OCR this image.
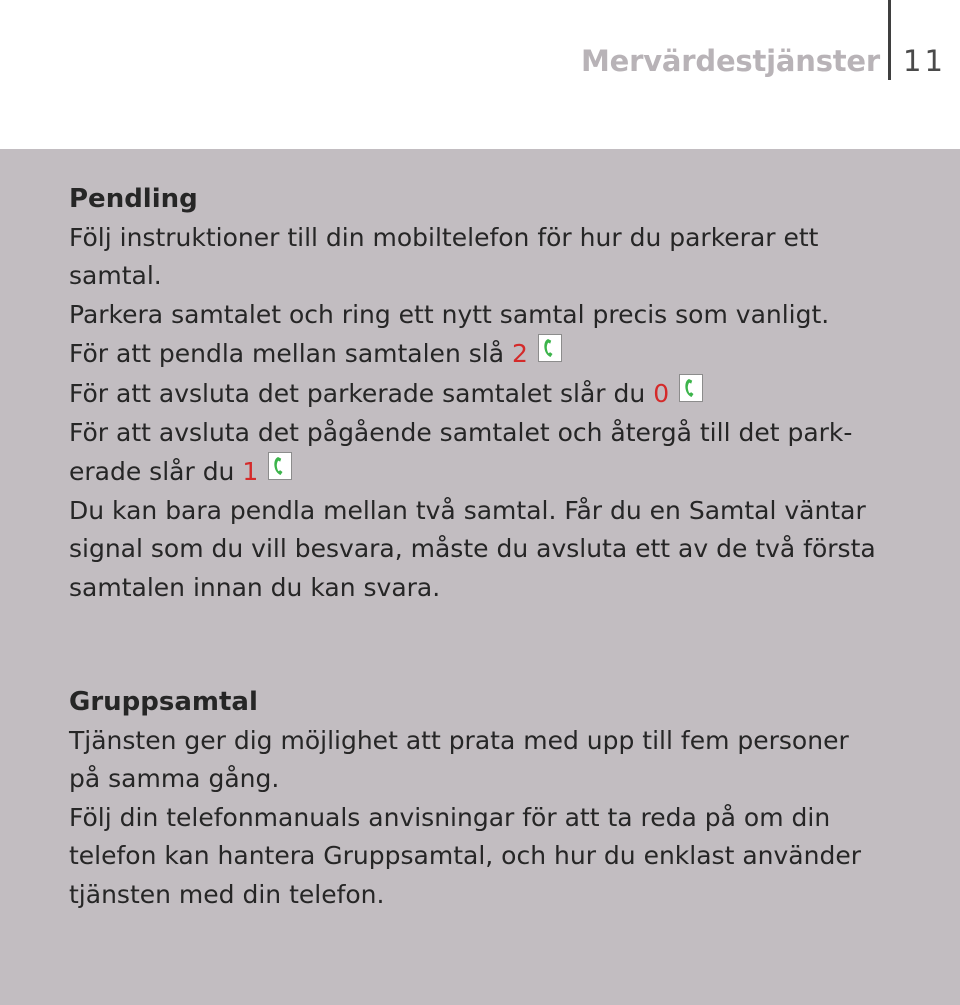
Mervärdestjänster 11

Pendling

Följ instruktioner till din mobiltelefon för hur du parkerar ett

samtal.

Parkera samtalet och ring ett nytt samtal precis som vanligt.

För att pendla mellan samtalen slå 2

För att avsluta det parkerade samtalet slår du 0

För att avsluta det pågående samtalet och återgå till det park-

erade slår du 1

Du kan bara pendla mellan två samtal. Får du en Samtal väntar

signal som du vill besvara, måste du avsluta ett av de två första

samtalen innan du kan svara.

Gruppsamtal

Tjänsten ger dig möjlighet att prata med upp till fem personer

på samma gång.

Följ din telefonmanuals anvisningar för att ta reda på om din

telefon kan hantera Gruppsamtal, och hur du enklast använder

tjänsten med din telefon.
